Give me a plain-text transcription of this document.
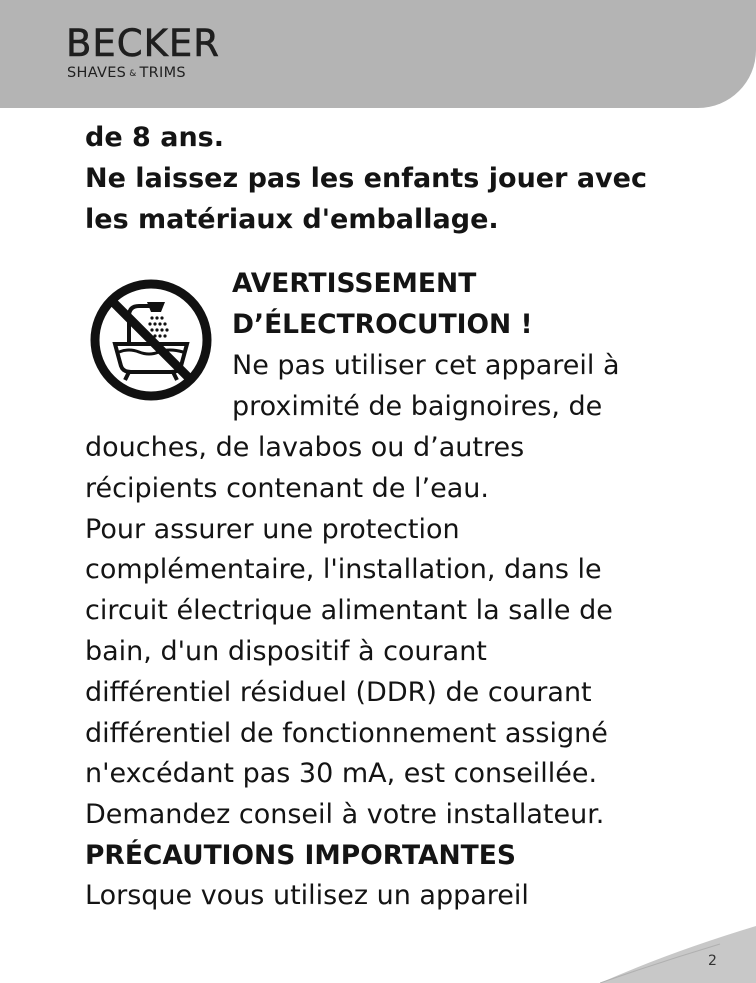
BECKER
SHAVES & TRIMS
de 8 ans.
Ne laissez pas les enfants jouer avec
les matériaux d'emballage.
AVERTISSEMENT
D’ÉLECTROCUTION !
Ne pas utiliser cet appareil à
proximité de baignoires, de
douches, de lavabos ou d’autres
récipients contenant de l’eau.
Pour assurer une protection
complémentaire, l'installation, dans le
circuit électrique alimentant la salle de
bain, d'un dispositif à courant
différentiel résiduel (DDR) de courant
différentiel de fonctionnement assigné
n'excédant pas 30 mA, est conseillée.
Demandez conseil à votre installateur.
PRÉCAUTIONS IMPORTANTES
Lorsque vous utilisez un appareil
2
